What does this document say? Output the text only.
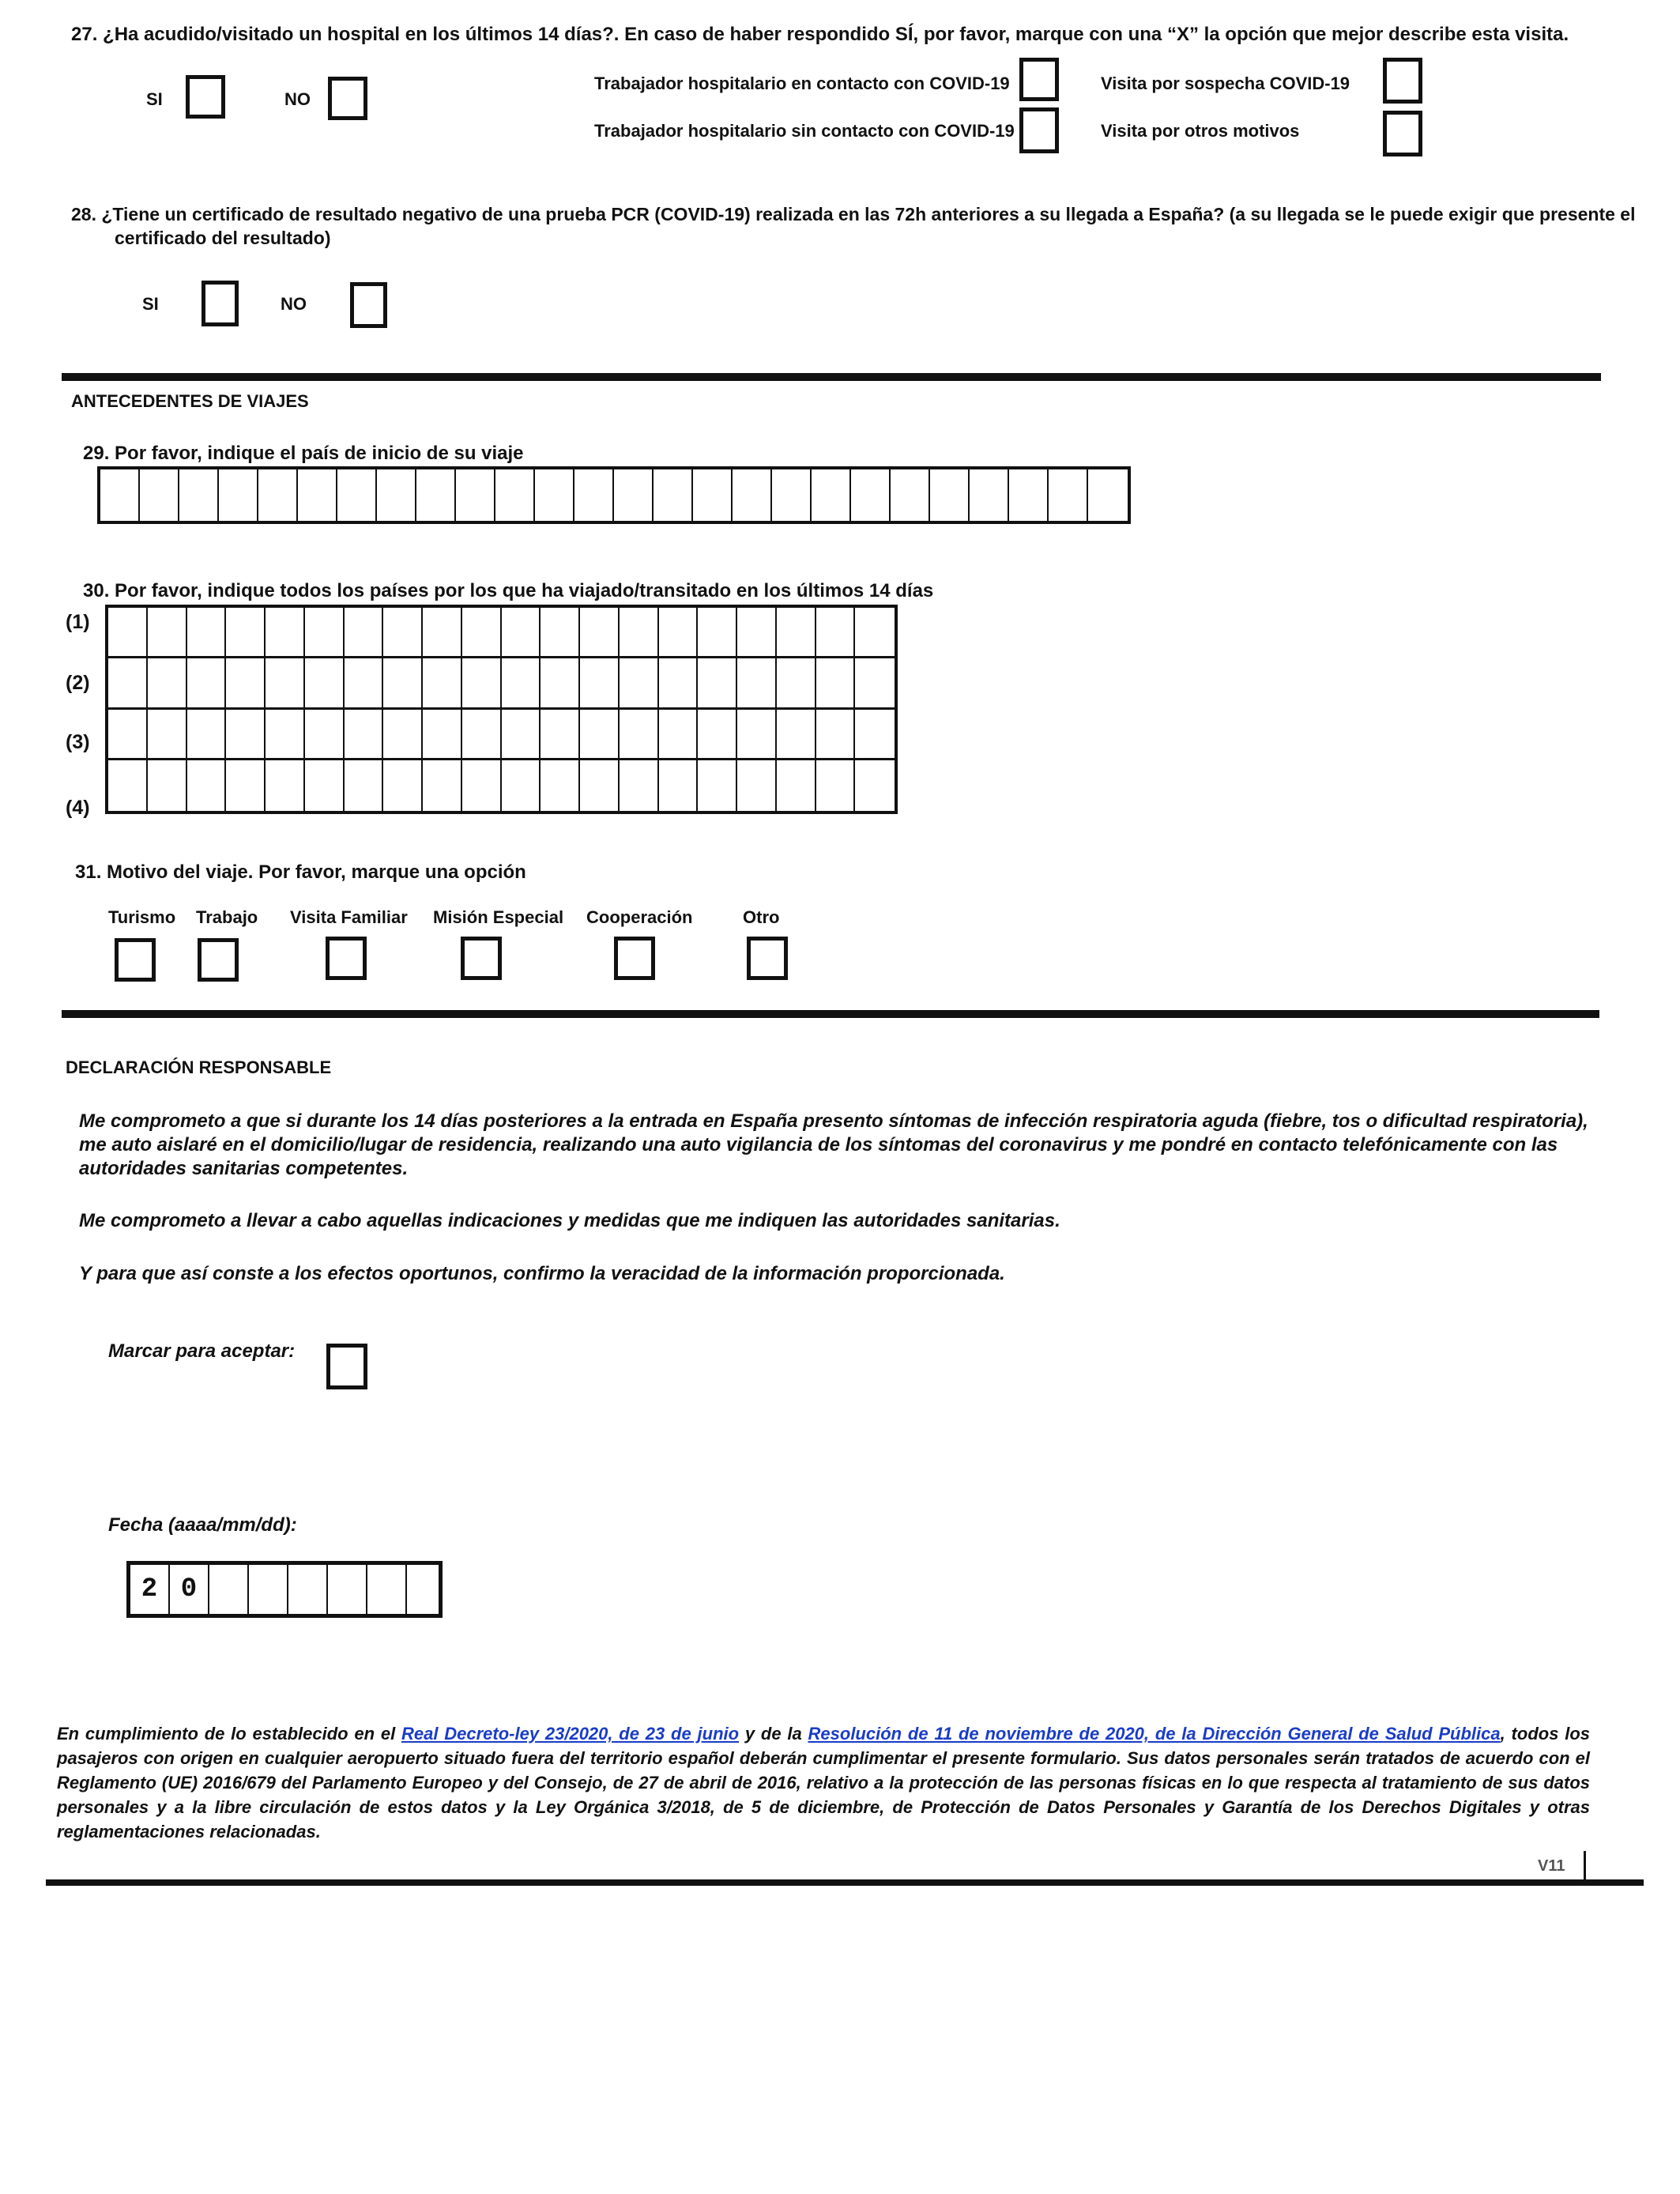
27. ¿Ha acudido/visitado un hospital en los últimos 14 días?. En caso de haber respondido SÍ, por favor, marque con una “X” la opción que mejor describe esta visita.
SI	NO
Trabajador hospitalario en contacto con COVID-19	Visita por sospecha COVID-19
Trabajador hospitalario sin contacto con COVID-19	Visita por otros motivos
28. ¿Tiene un certificado de resultado negativo de una prueba PCR (COVID-19) realizada en las 72h anteriores a su llegada a España? (a su llegada se le puede exigir que presente el
certificado del resultado)
SI	NO
ANTECEDENTES DE VIAJES
29. Por favor, indique el país de inicio de su viaje
30. Por favor, indique todos los países por los que ha viajado/transitado en los últimos 14 días
(1)
(2)
(3)
(4)
31. Motivo del viaje. Por favor, marque una opción
Turismo Trabajo Visita Familiar Misión Especial Cooperación	Otro
DECLARACIÓN RESPONSABLE
Me comprometo a que si durante los 14 días posteriores a la entrada en España presento síntomas de infección respiratoria aguda (fiebre, tos o dificultad respiratoria), me auto aislaré en el domicilio/lugar de residencia, realizando una auto vigilancia de los síntomas del coronavirus y me pondré en contacto telefónicamente con las autoridades sanitarias competentes.
Me comprometo a llevar a cabo aquellas indicaciones y medidas que me indiquen las autoridades sanitarias.
Y para que así conste a los efectos oportunos, confirmo la veracidad de la información proporcionada.
Marcar para aceptar:
Fecha (aaaa/mm/dd):
2 0
En cumplimiento de lo establecido en el Real Decreto-ley 23/2020, de 23 de junio y de la Resolución de 11 de noviembre de 2020, de la Dirección General de Salud Pública, todos los pasajeros con origen en cualquier aeropuerto situado fuera del territorio español deberán cumplimentar el presente formulario. Sus datos personales serán tratados de acuerdo con el Reglamento (UE) 2016/679 del Parlamento Europeo y del Consejo, de 27 de abril de 2016, relativo a la protección de las personas físicas en lo que respecta al tratamiento de sus datos personales y a la libre circulación de estos datos y la Ley Orgánica 3/2018, de 5 de diciembre, de Protección de Datos Personales y Garantía de los Derechos Digitales y otras reglamentaciones relacionadas.
V11
